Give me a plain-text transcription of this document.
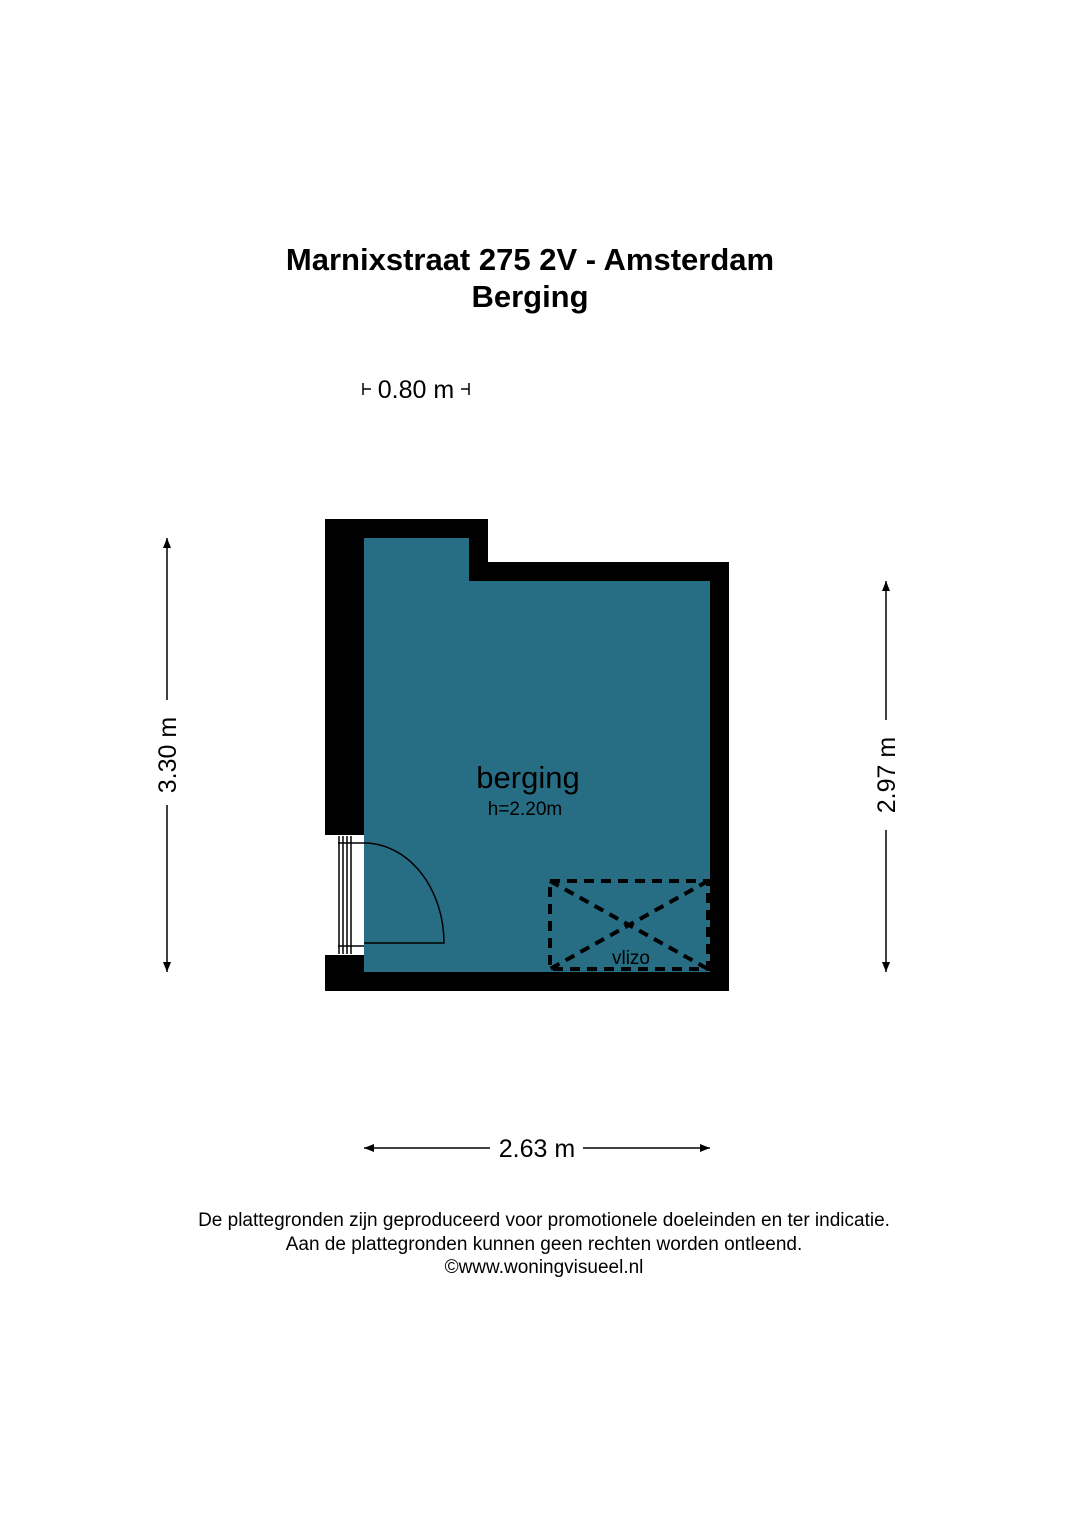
Marnixstraat 275 2V - Amsterdam
Berging
berging
h=2.20m
vlizo
0.80 m
3.30 m	2.97 m
2.63 m
De plattegronden zijn geproduceerd voor promotionele doeleinden en ter indicatie.
Aan de plattegronden kunnen geen rechten worden ontleend.
©www.woningvisueel.nl
